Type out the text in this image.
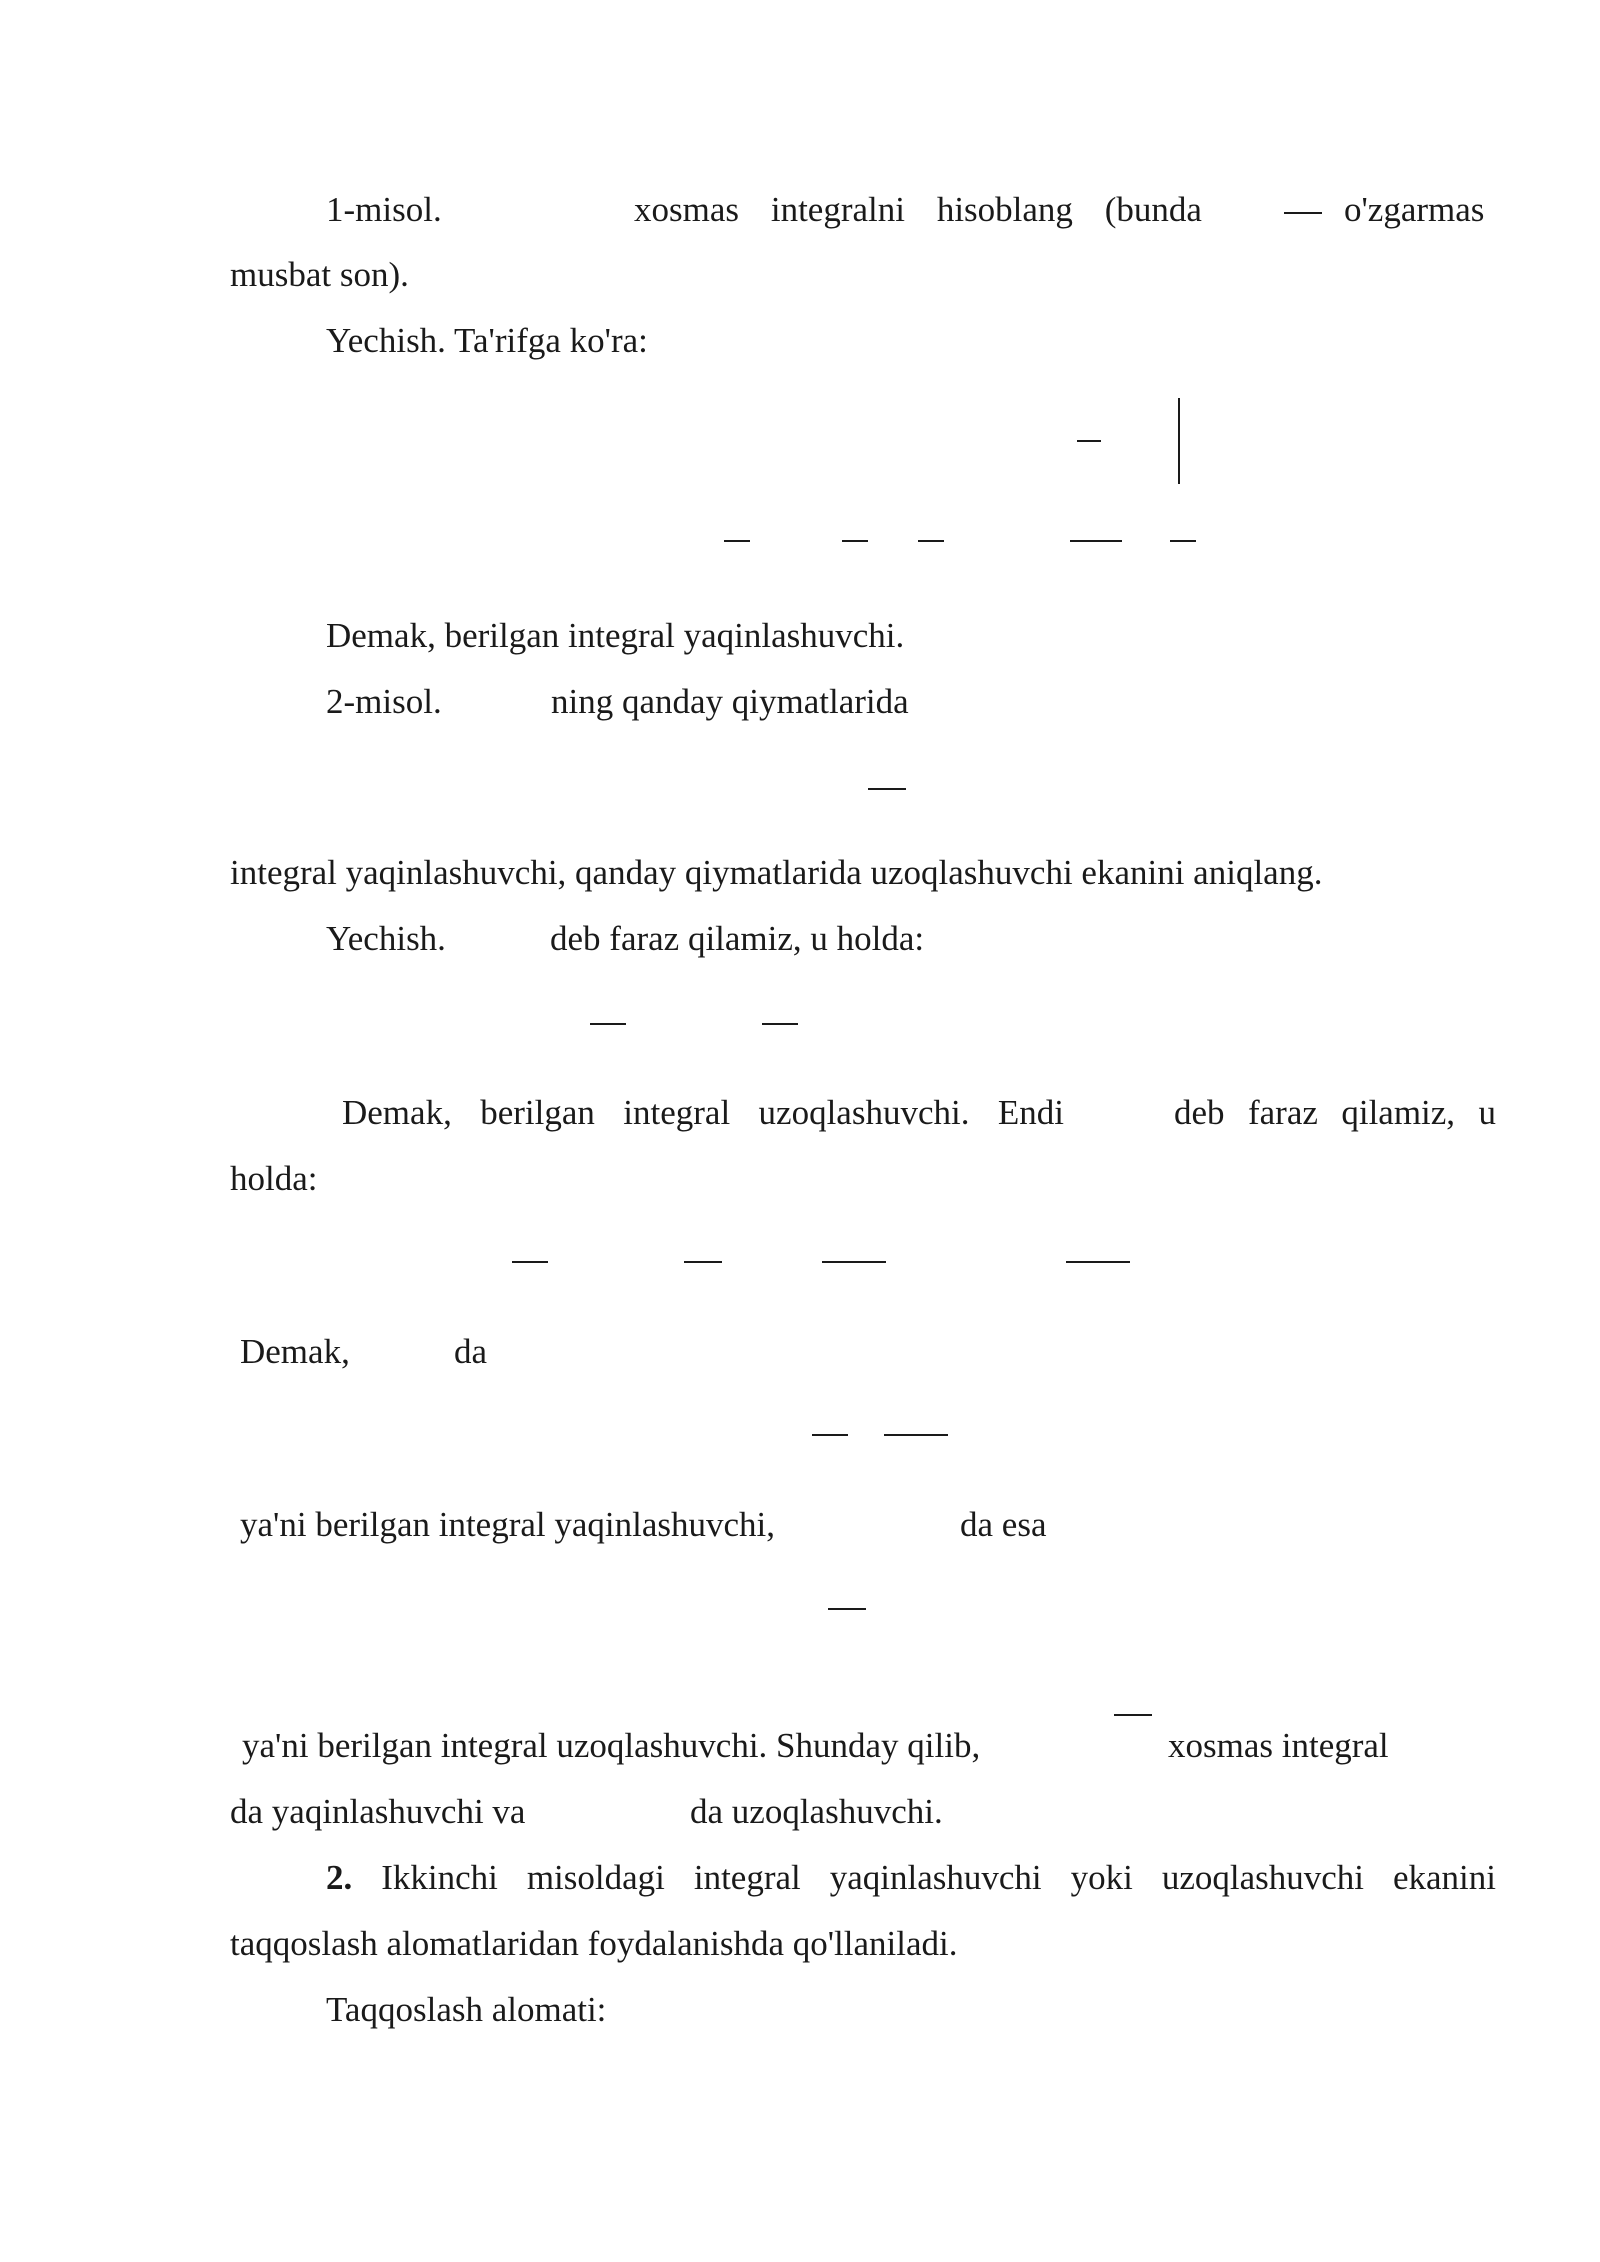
1-misol.	xosmas integralni hisoblang (bunda	o'zgarmas
musbat son).
Yechish. Ta'rifga ko'ra:
Demak, berilgan integral yaqinlashuvchi.
2-misol.	ning qanday qiymatlarida
integral yaqinlashuvchi, qanday qiymatlarida uzoqlashuvchi ekanini aniqlang.
Yechish.	deb faraz qilamiz, u holda:
Demak, berilgan integral uzoqlashuvchi. Endi	deb faraz qilamiz, u
holda:
Demak,	da
ya'ni berilgan integral yaqinlashuvchi,	da esa
ya'ni berilgan integral uzoqlashuvchi. Shunday qilib,	xosmas integral
da yaqinlashuvchi va	da uzoqlashuvchi.
2. Ikkinchi misoldagi integral yaqinlashuvchi yoki uzoqlashuvchi ekanini
taqqoslash alomatlaridan foydalanishda qo'llaniladi.
Taqqoslash alomati:
